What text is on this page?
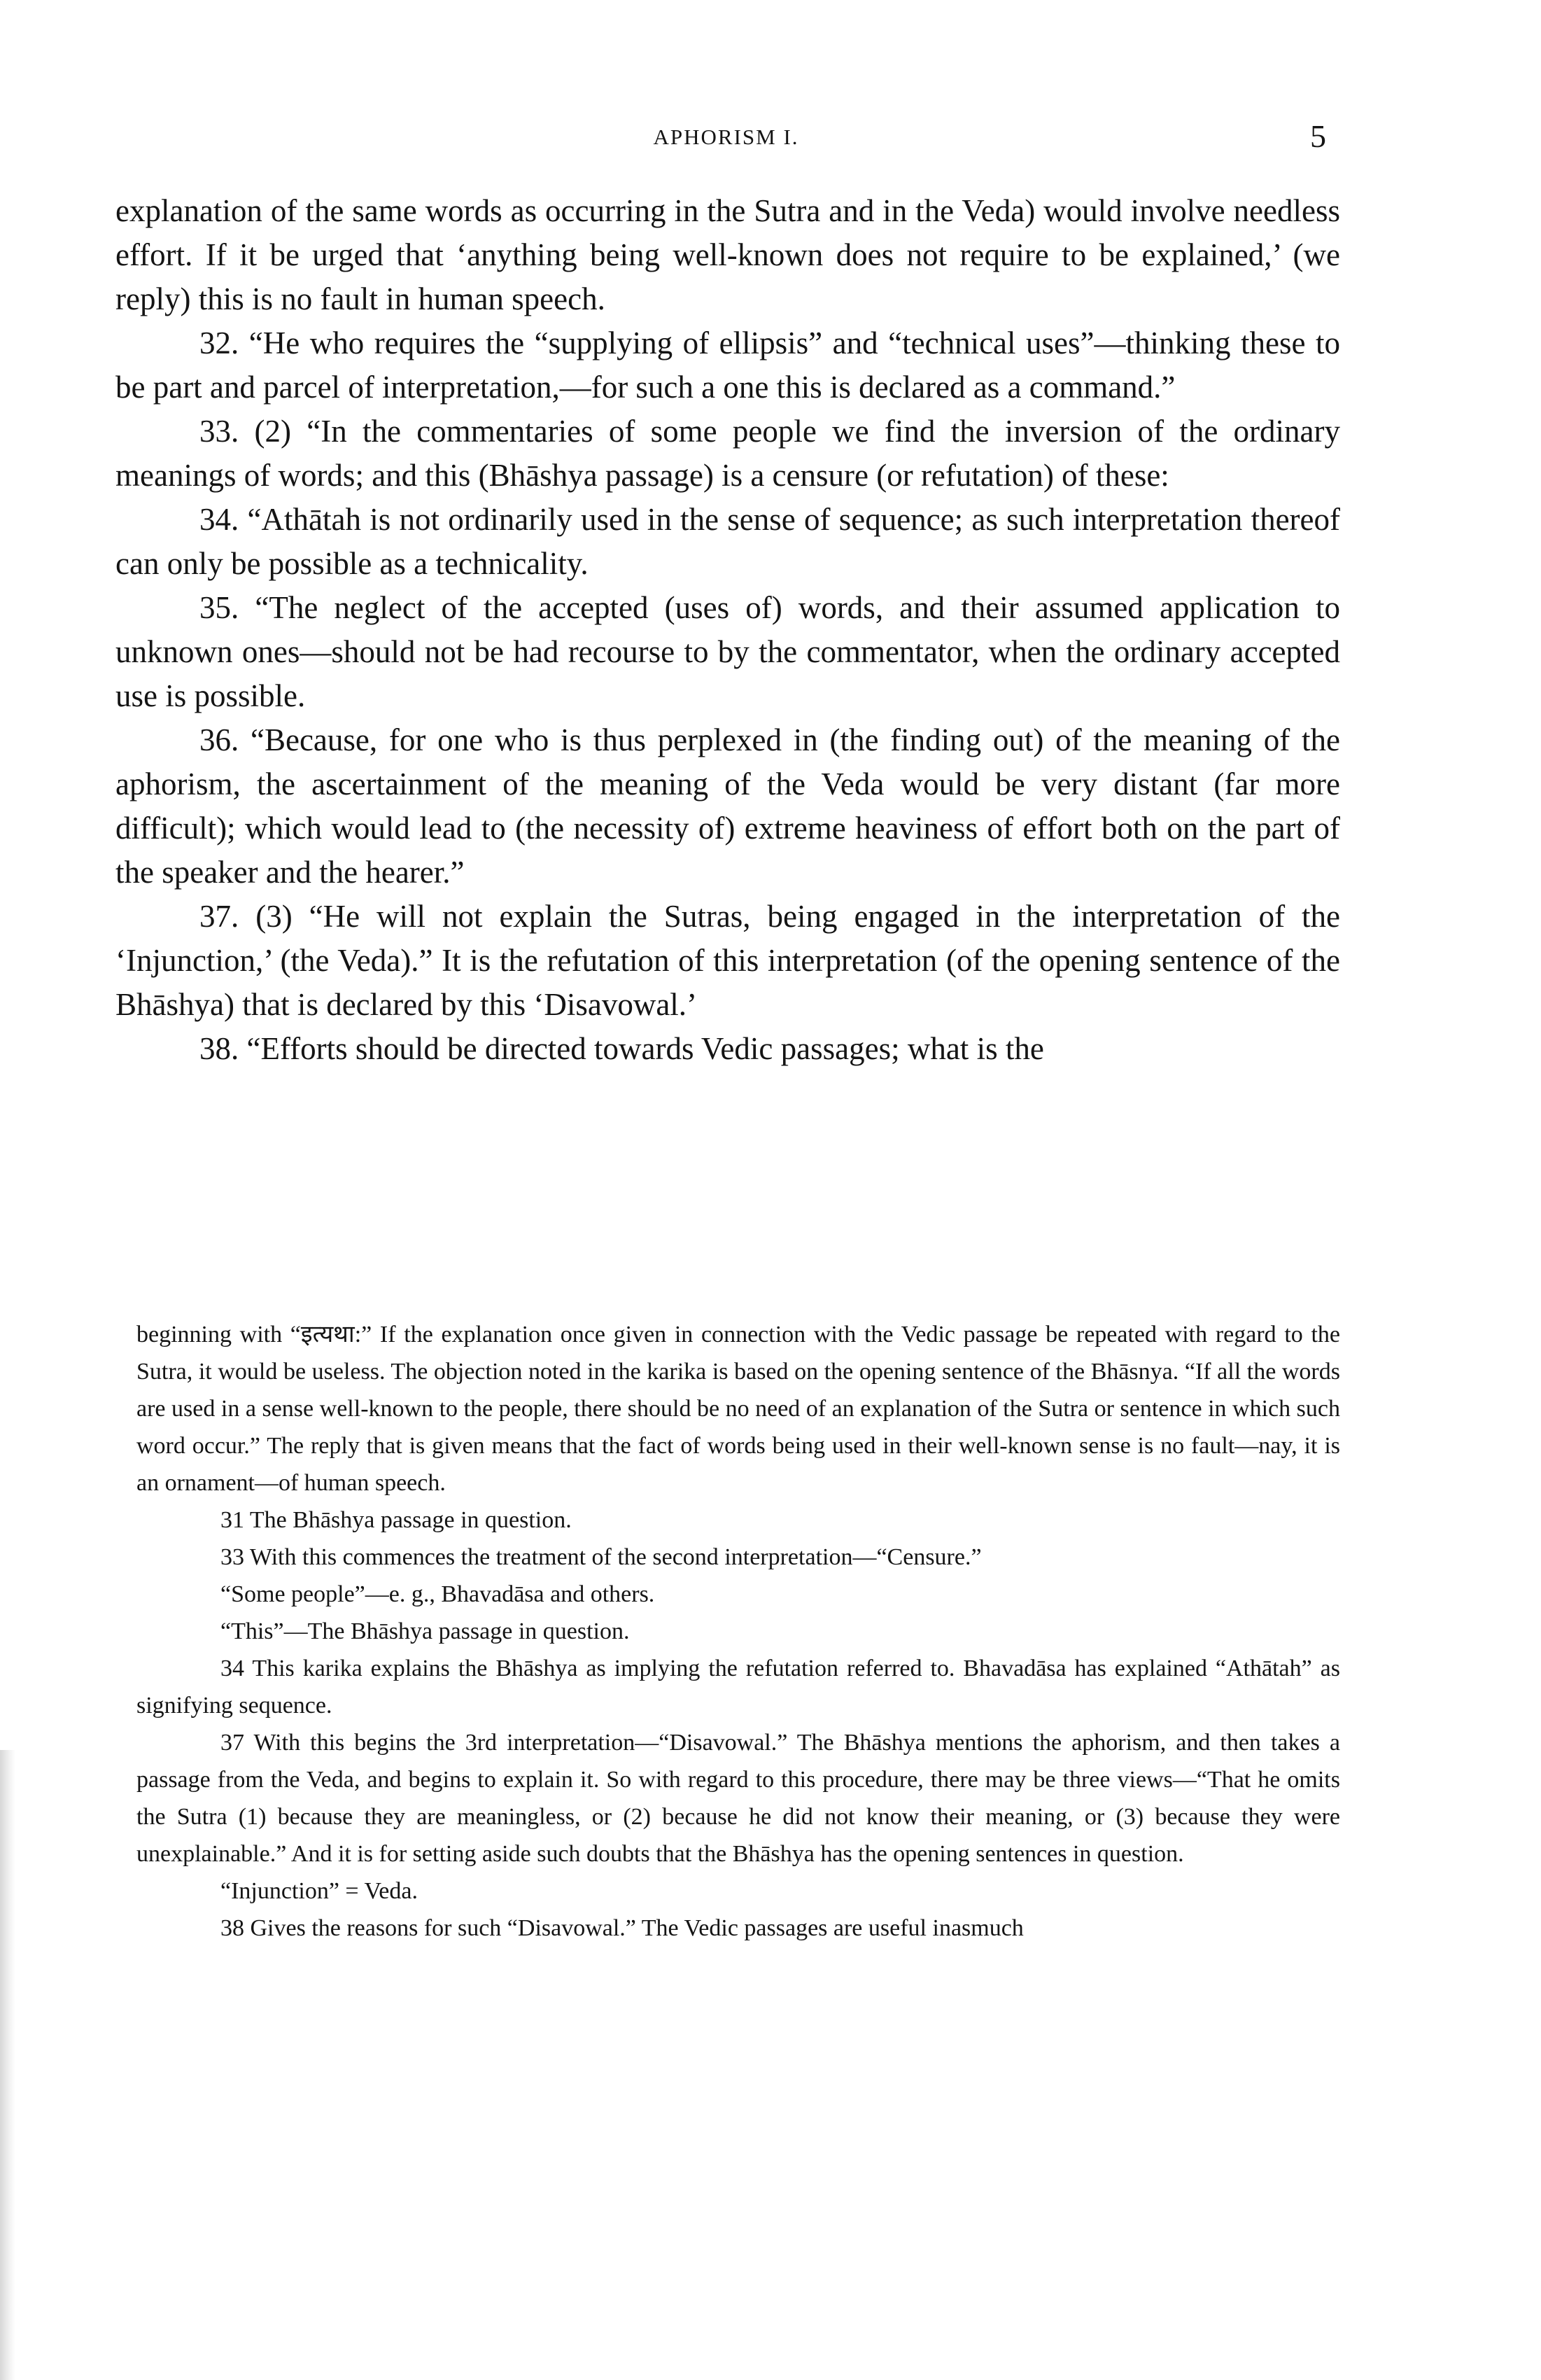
APHORISM I.	5

explanation of the same words as occurring in the Sutra and in the Veda) would involve needless effort. If it be urged that ‘anything being well-known does not require to be explained,’ (we reply) this is no fault in human speech.

32. “He who requires the “supplying of ellipsis” and “technical uses”—thinking these to be part and parcel of interpretation,—for such a one this is declared as a command.”

33. (2) “In the commentaries of some people we find the inversion of the ordinary meanings of words; and this (Bhāshya passage) is a censure (or refutation) of these:

34. “Athātah is not ordinarily used in the sense of sequence; as such interpretation thereof can only be possible as a technicality.

35. “The neglect of the accepted (uses of) words, and their assumed application to unknown ones—should not be had recourse to by the commentator, when the ordinary accepted use is possible.

36. “Because, for one who is thus perplexed in (the finding out) of the meaning of the aphorism, the ascertainment of the meaning of the Veda would be very distant (far more difficult); which would lead to (the necessity of) extreme heaviness of effort both on the part of the speaker and the hearer.”

37. (3) “He will not explain the Sutras, being engaged in the interpretation of the ‘Injunction,’ (the Veda).” It is the refutation of this interpretation (of the opening sentence of the Bhāshya) that is declared by this ‘Disavowal.’

38. “Efforts should be directed towards Vedic passages; what is the

beginning with “इत्यथा:” If the explanation once given in connection with the Vedic passage be repeated with regard to the Sutra, it would be useless. The objection noted in the karika is based on the opening sentence of the Bhāsnya. “If all the words are used in a sense well-known to the people, there should be no need of an explanation of the Sutra or sentence in which such word occur.” The reply that is given means that the fact of words being used in their well-known sense is no fault—nay, it is an ornament—of human speech.

31 The Bhāshya passage in question.

33 With this commences the treatment of the second interpretation—“Censure.”

“Some people”—e. g., Bhavadāsa and others.

“This”—The Bhāshya passage in question.

34 This karika explains the Bhāshya as implying the refutation referred to. Bhavadāsa has explained “Athātah” as signifying sequence.

37 With this begins the 3rd interpretation—“Disavowal.” The Bhāshya mentions the aphorism, and then takes a passage from the Veda, and begins to explain it. So with regard to this procedure, there may be three views—“That he omits the Sutra (1) because they are meaningless, or (2) because he did not know their meaning, or (3) because they were unexplainable.” And it is for setting aside such doubts that the Bhāshya has the opening sentences in question.

“Injunction” = Veda.

38 Gives the reasons for such “Disavowal.” The Vedic passages are useful inasmuch
